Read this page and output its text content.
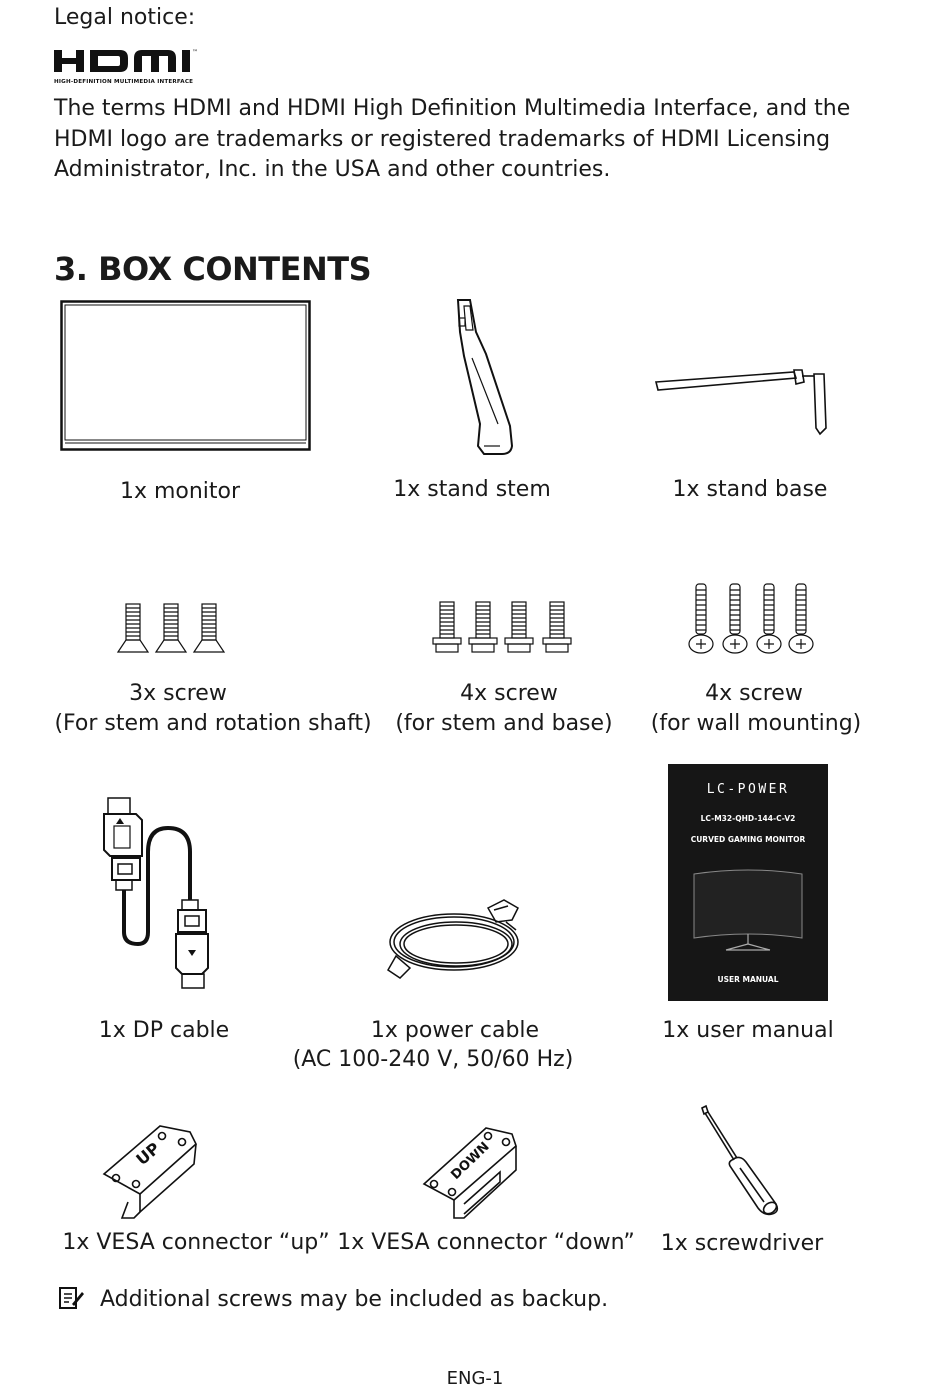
Legal notice:
™
HIGH-DEFINITION MULTIMEDIA INTERFACE
The terms HDMI and HDMI High Definition Multimedia Interface, and the HDMI logo are trademarks or registered trademarks of HDMI Licensing Administrator, Inc. in the USA and other countries.
3. BOX CONTENTS
1x monitor	1x stand stem	1x stand base
3x screw
(For stem and rotation shaft)
4x screw
(for stem and base)
4x screw
(for wall mounting)
LC-POWER
LC-M32-QHD-144-C-V2
CURVED GAMING MONITOR
USER MANUAL
1x DP cable	1x power cable
(AC 100-240 V, 50/60 Hz)
1x user manual
UP	DOWN
1x VESA connector “up” 1x VESA connector “down”	1x screwdriver
Additional screws may be included as backup.
ENG-1
